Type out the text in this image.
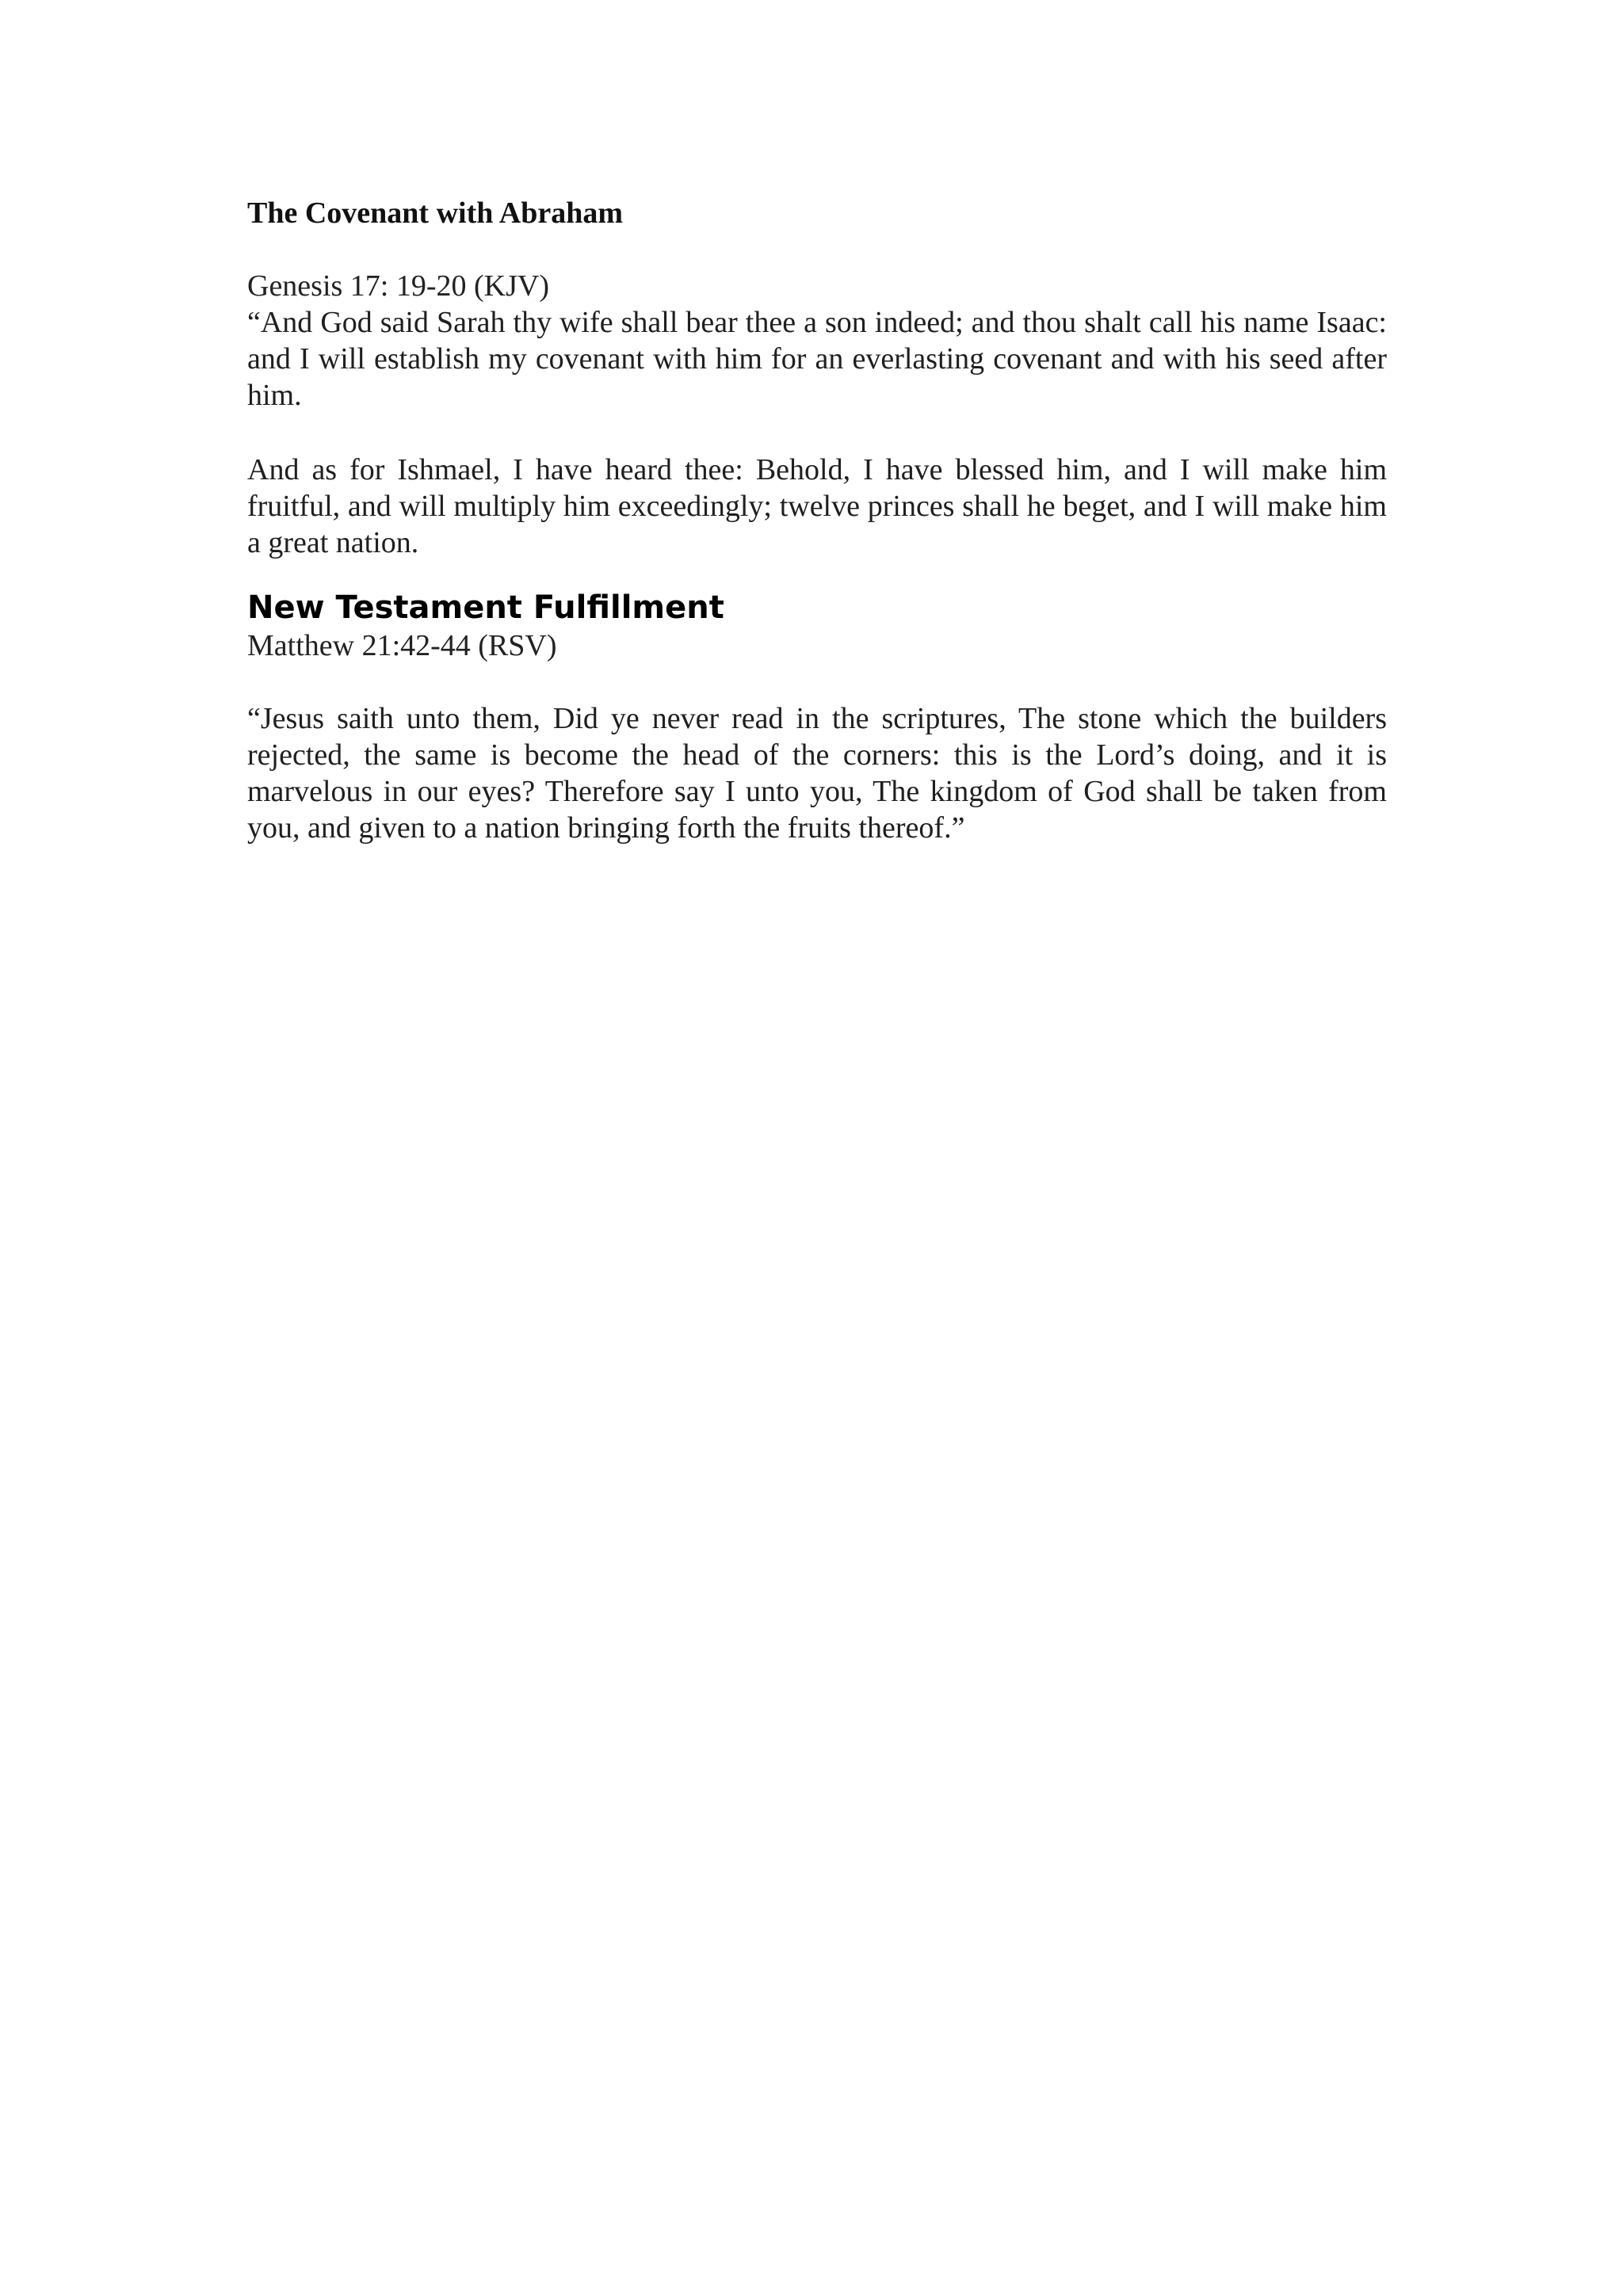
The Covenant with Abraham

Genesis 17: 19-20 (KJV)

“And God said Sarah thy wife shall bear thee a son indeed; and thou shalt call his name Isaac: and I will establish my covenant with him for an everlasting covenant and with his seed after him.

And as for Ishmael, I have heard thee: Behold, I have blessed him, and I will make him fruitful, and will multiply him exceedingly; twelve princes shall he beget, and I will make him a great nation.

New Testament Fulfillment

Matthew 21:42-44 (RSV)

“Jesus saith unto them, Did ye never read in the scriptures, The stone which the builders rejected, the same is become the head of the corners: this is the Lord’s doing, and it is marvelous in our eyes? Therefore say I unto you, The kingdom of God shall be taken from you, and given to a nation bringing forth the fruits thereof.”
